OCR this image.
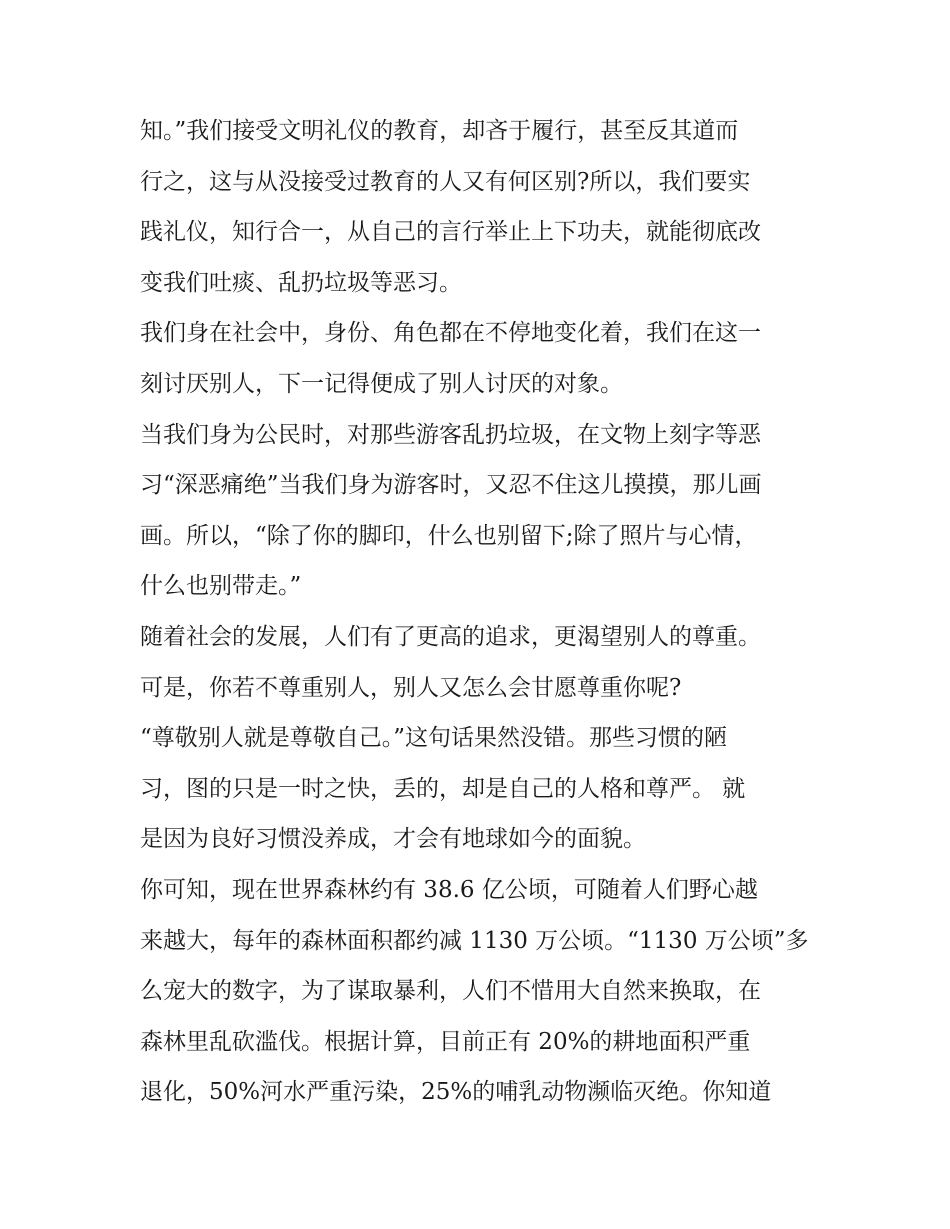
知。”我们接受文明礼仪的教育，却吝于履行，甚至反其道而
行之，这与从没接受过教育的人又有何区别?所以，我们要实
践礼仪，知行合一，从自己的言行举止上下功夫，就能彻底改
变我们吐痰、乱扔垃圾等恶习。
我们身在社会中，身份、角色都在不停地变化着，我们在这一
刻讨厌别人，下一记得便成了别人讨厌的对象。
当我们身为公民时，对那些游客乱扔垃圾，在文物上刻字等恶
习“深恶痛绝”当我们身为游客时，又忍不住这儿摸摸，那儿画
画。所以，“除了你的脚印，什么也别留下;除了照片与心情，
什么也别带走。”
随着社会的发展，人们有了更高的追求，更渴望别人的尊重。
可是，你若不尊重别人，别人又怎么会甘愿尊重你呢?
“尊敬别人就是尊敬自己。”这句话果然没错。那些习惯的陋
习，图的只是一时之快，丢的，却是自己的人格和尊严。 就
是因为良好习惯没养成，才会有地球如今的面貌。
你可知，现在世界森林约有 38.6 亿公顷，可随着人们野心越
来越大，每年的森林面积都约减 1130 万公顷。“1130 万公顷”多
么宠大的数字，为了谋取暴利，人们不惜用大自然来换取，在
森林里乱砍滥伐。根据计算，目前正有 20%的耕地面积严重
退化，50%河水严重污染，25%的哺乳动物濒临灭绝。你知道
